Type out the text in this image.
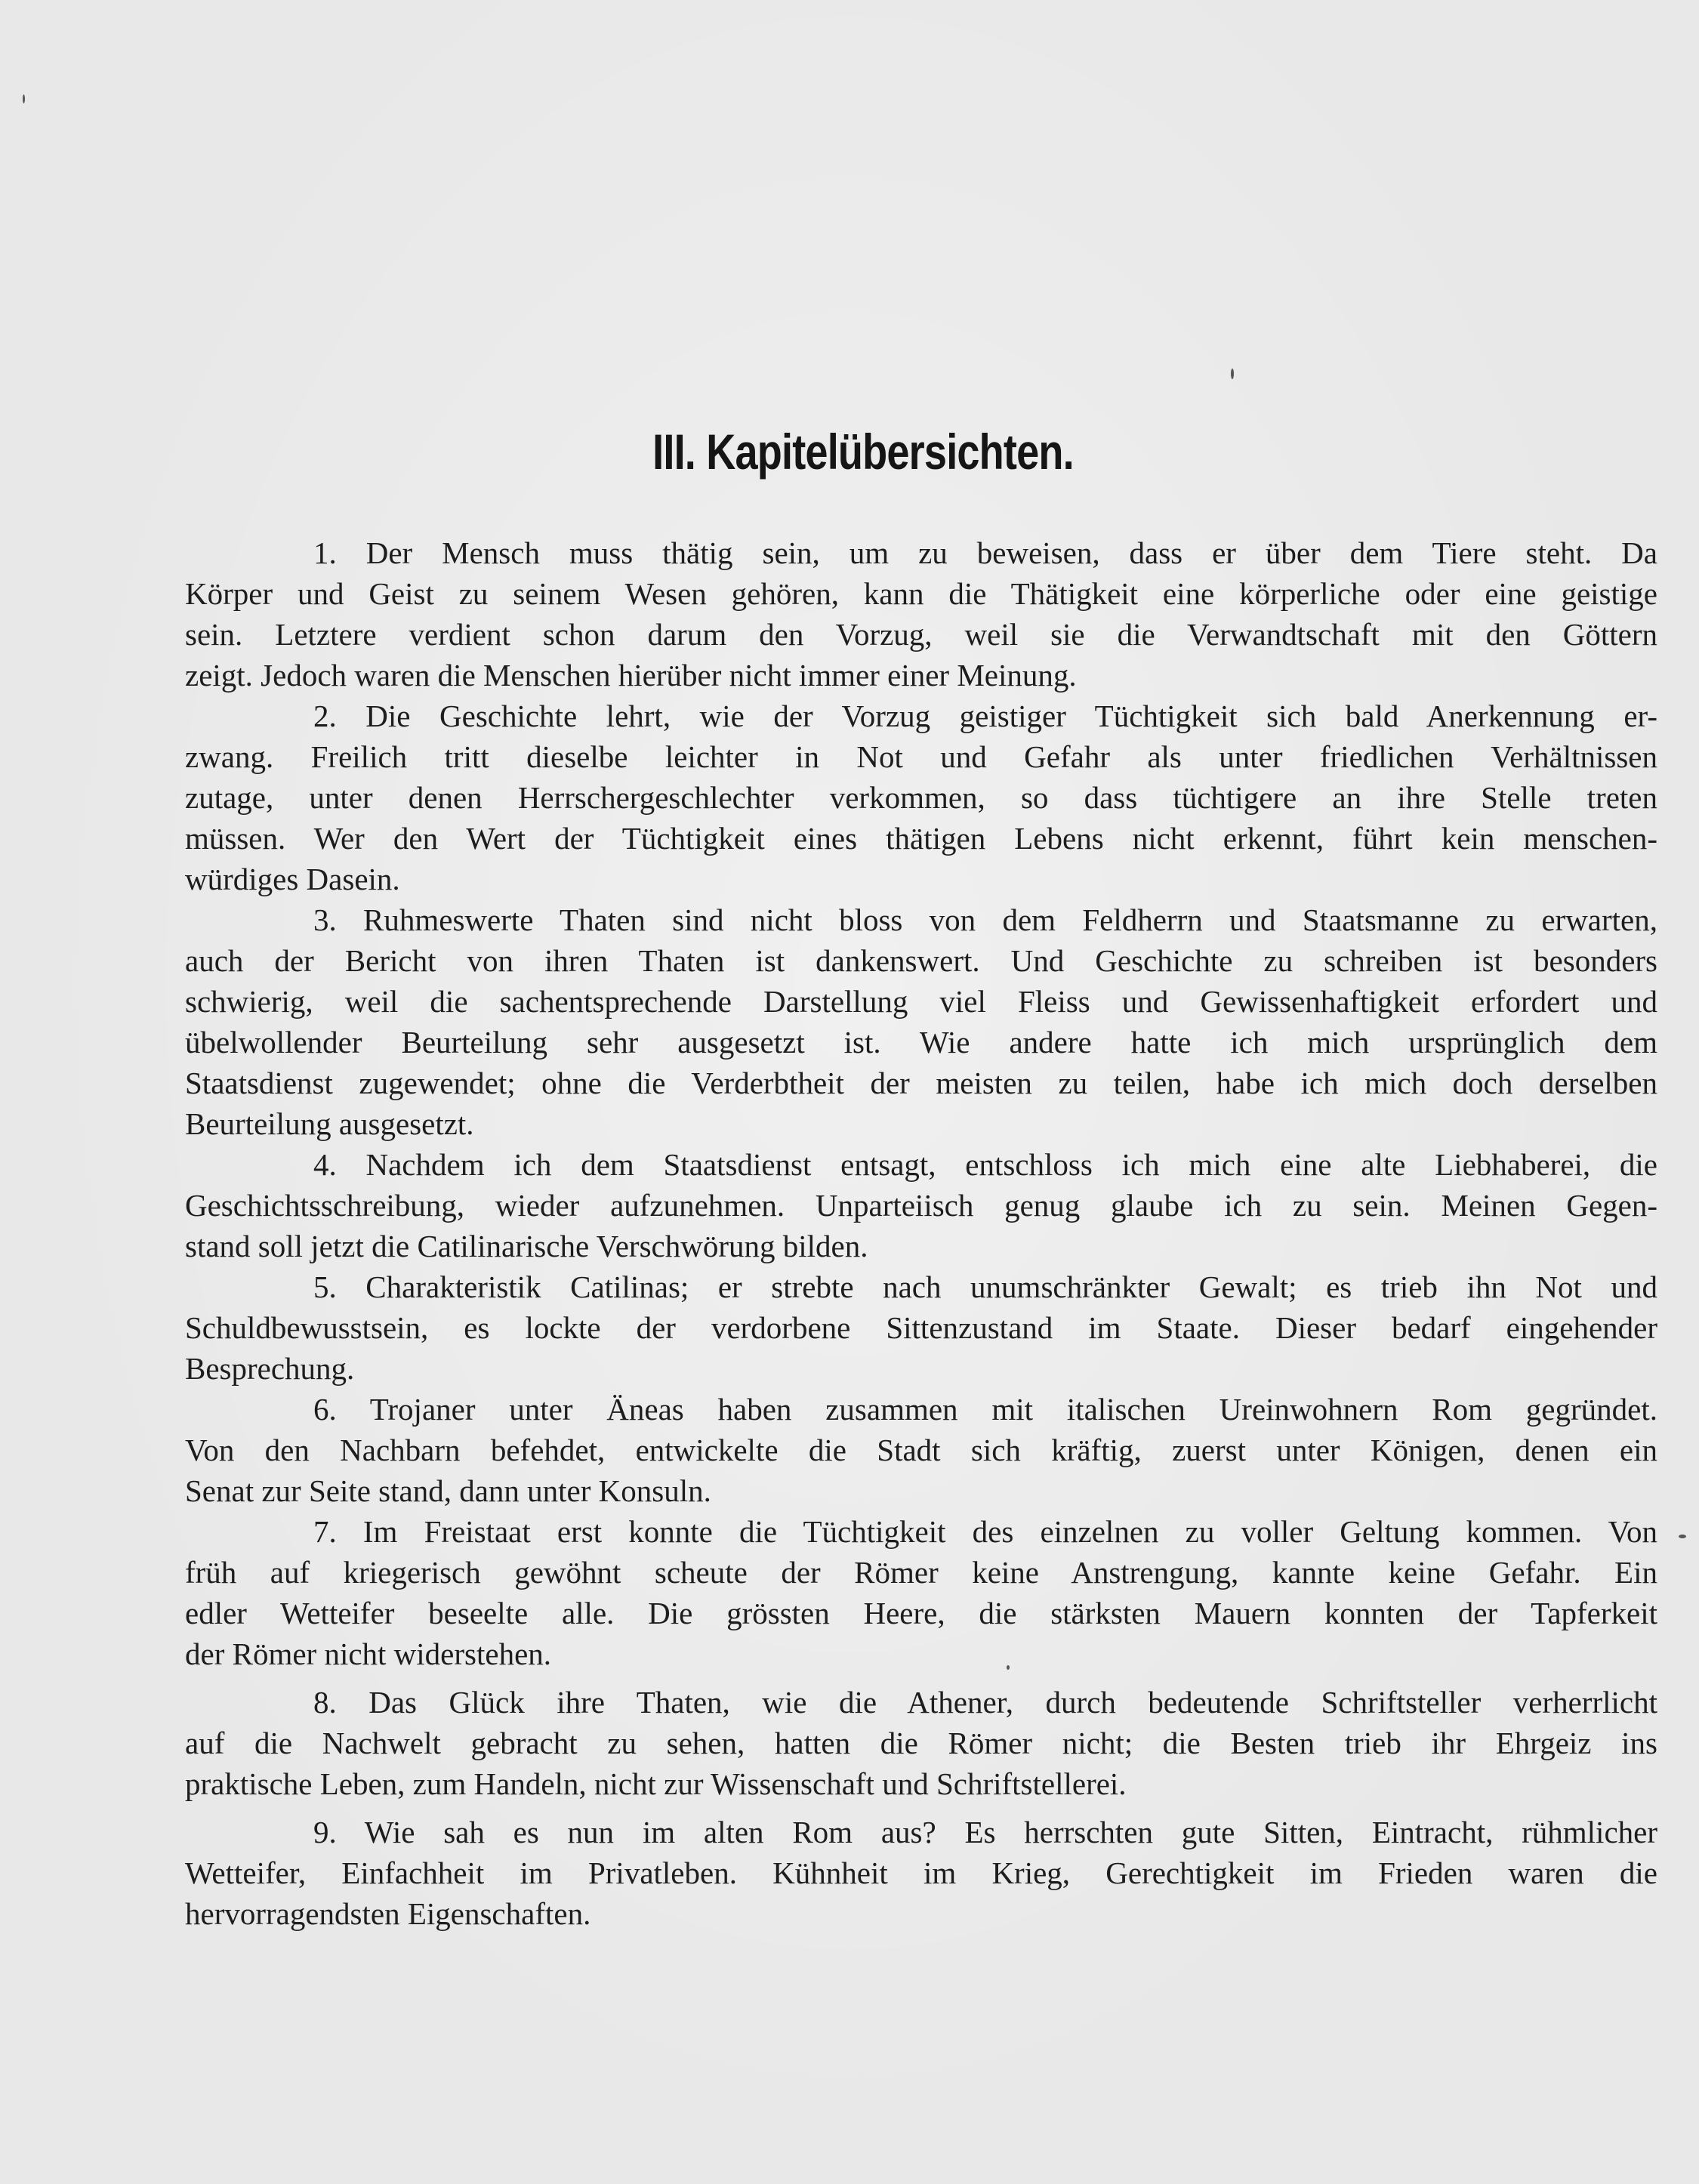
III. Kapitelübersichten.
1. Der Mensch muss thätig sein, um zu beweisen, dass er über dem Tiere steht. Da
Körper und Geist zu seinem Wesen gehören, kann die Thätigkeit eine körperliche oder eine geistige
sein. Letztere verdient schon darum den Vorzug, weil sie die Verwandtschaft mit den Göttern
zeigt. Jedoch waren die Menschen hierüber nicht immer einer Meinung.
2. Die Geschichte lehrt, wie der Vorzug geistiger Tüchtigkeit sich bald Anerkennung er-
zwang. Freilich tritt dieselbe leichter in Not und Gefahr als unter friedlichen Verhältnissen
zutage, unter denen Herrschergeschlechter verkommen, so dass tüchtigere an ihre Stelle treten
müssen. Wer den Wert der Tüchtigkeit eines thätigen Lebens nicht erkennt, führt kein menschen-
würdiges Dasein.
3. Ruhmeswerte Thaten sind nicht bloss von dem Feldherrn und Staatsmanne zu erwarten,
auch der Bericht von ihren Thaten ist dankenswert. Und Geschichte zu schreiben ist besonders
schwierig, weil die sachentsprechende Darstellung viel Fleiss und Gewissenhaftigkeit erfordert und
übelwollender Beurteilung sehr ausgesetzt ist. Wie andere hatte ich mich ursprünglich dem
Staatsdienst zugewendet; ohne die Verderbtheit der meisten zu teilen, habe ich mich doch derselben
Beurteilung ausgesetzt.
4. Nachdem ich dem Staatsdienst entsagt, entschloss ich mich eine alte Liebhaberei, die
Geschichtsschreibung, wieder aufzunehmen. Unparteiisch genug glaube ich zu sein. Meinen Gegen-
stand soll jetzt die Catilinarische Verschwörung bilden.
5. Charakteristik Catilinas; er strebte nach unumschränkter Gewalt; es trieb ihn Not und
Schuldbewusstsein, es lockte der verdorbene Sittenzustand im Staate. Dieser bedarf eingehender
Besprechung.
6. Trojaner unter Äneas haben zusammen mit italischen Ureinwohnern Rom gegründet.
Von den Nachbarn befehdet, entwickelte die Stadt sich kräftig, zuerst unter Königen, denen ein
Senat zur Seite stand, dann unter Konsuln.
7. Im Freistaat erst konnte die Tüchtigkeit des einzelnen zu voller Geltung kommen. Von
früh auf kriegerisch gewöhnt scheute der Römer keine Anstrengung, kannte keine Gefahr. Ein
edler Wetteifer beseelte alle. Die grössten Heere, die stärksten Mauern konnten der Tapferkeit
der Römer nicht widerstehen.
8. Das Glück ihre Thaten, wie die Athener, durch bedeutende Schriftsteller verherrlicht
auf die Nachwelt gebracht zu sehen, hatten die Römer nicht; die Besten trieb ihr Ehrgeiz ins
praktische Leben, zum Handeln, nicht zur Wissenschaft und Schriftstellerei.
9. Wie sah es nun im alten Rom aus? Es herrschten gute Sitten, Eintracht, rühmlicher
Wetteifer, Einfachheit im Privatleben. Kühnheit im Krieg, Gerechtigkeit im Frieden waren die
hervorragendsten Eigenschaften.
